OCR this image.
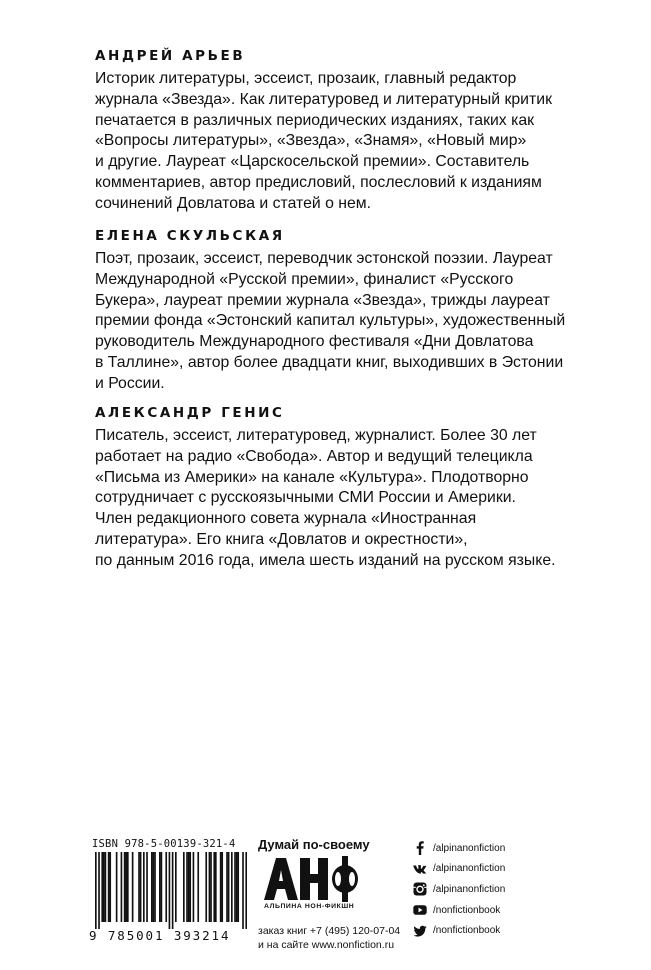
АНДРЕЙ АРЬЕВ
Историк литературы, эссеист, прозаик, главный редактор
журнала «Звезда». Как литературовед и литературный критик
печатается в различных периодических изданиях, таких как
«Вопросы литературы», «Звезда», «Знамя», «Новый мир»
и другие. Лауреат «Царскосельской премии». Составитель
комментариев, автор предисловий, послесловий к изданиям
сочинений Довлатова и статей о нем.
ЕЛЕНА СКУЛЬСКАЯ
Поэт, прозаик, эссеист, переводчик эстонской поэзии. Лауреат
Международной «Русской премии», финалист «Русского
Букера», лауреат премии журнала «Звезда», трижды лауреат
премии фонда «Эстонский капитал культуры», художественный
руководитель Международного фестиваля «Дни Довлатова
в Таллине», автор более двадцати книг, выходивших в Эстонии
и России.
АЛЕКСАНДР ГЕНИС
Писатель, эссеист, литературовед, журналист. Более 30 лет
работает на радио «Свобода». Автор и ведущий телецикла
«Письма из Америки» на канале «Культура». Плодотворно
сотрудничает с русскоязычными СМИ России и Америки.
Член редакционного совета журнала «Иностранная
литература». Его книга «Довлатов и окрестности»,
по данным 2016 года, имела шесть изданий на русском языке.
ISBN 978-5-00139-321-4
9 785001 393214
Думай по-своему
АЛЬПИНА НОН-ФИКШН
заказ книг +7 (495) 120-07-04
и на сайте www.nonfiction.ru
/alpinanonfiction
/alpinanonfiction
/alpinanonfiction
/nonfictionbook
/nonfictionbook
